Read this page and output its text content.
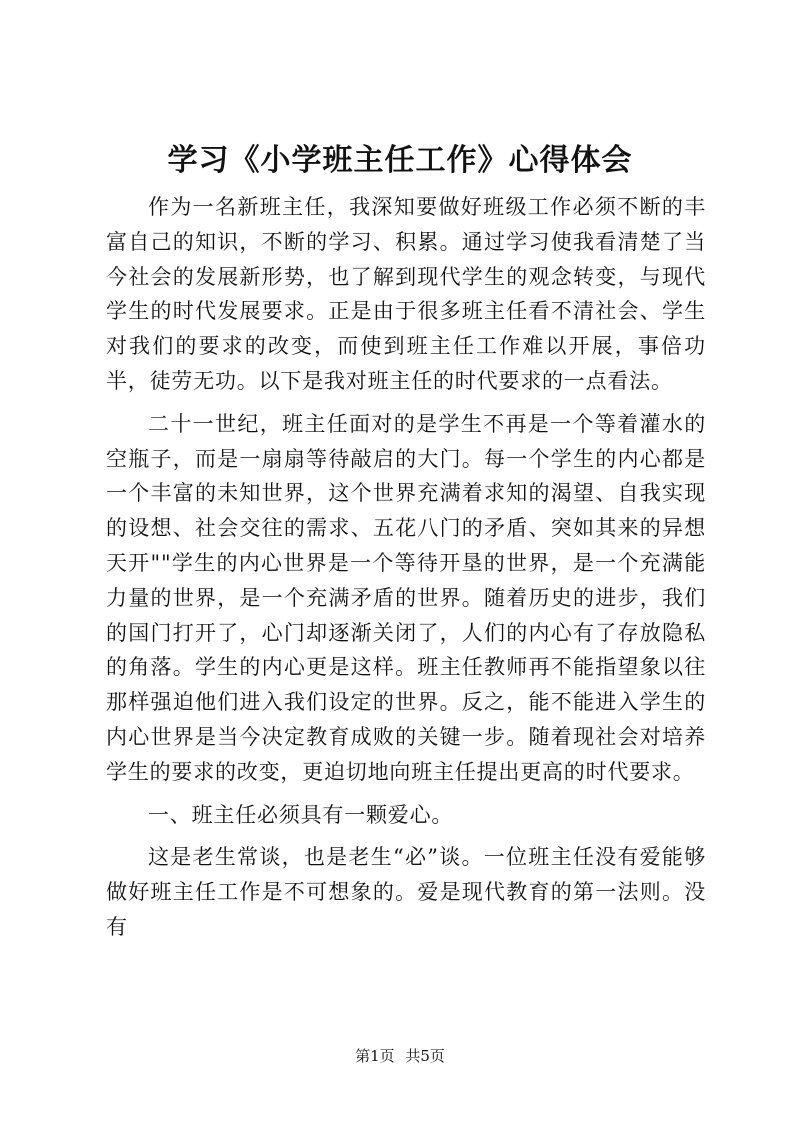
学习《小学班主任工作》心得体会

作为一名新班主任，我深知要做好班级工作必须不断的丰富自己的知识，不断的学习、积累。通过学习使我看清楚了当今社会的发展新形势，也了解到现代学生的观念转变，与现代学生的时代发展要求。正是由于很多班主任看不清社会、学生对我们的要求的改变，而使到班主任工作难以开展，事倍功半，徒劳无功。以下是我对班主任的时代要求的一点看法。

二十一世纪，班主任面对的是学生不再是一个等着灌水的空瓶子，而是一扇扇等待敲启的大门。每一个学生的内心都是一个丰富的未知世界，这个世界充满着求知的渴望、自我实现的设想、社会交往的需求、五花八门的矛盾、突如其来的异想天开""学生的内心世界是一个等待开垦的世界，是一个充满能力量的世界，是一个充满矛盾的世界。随着历史的进步，我们的国门打开了，心门却逐渐关闭了，人们的内心有了存放隐私的角落。学生的内心更是这样。班主任教师再不能指望象以往那样强迫他们进入我们设定的世界。反之，能不能进入学生的内心世界是当今决定教育成败的关键一步。随着现社会对培养学生的要求的改变，更迫切地向班主任提出更高的时代要求。

一、班主任必须具有一颗爱心。

这是老生常谈，也是老生“必”谈。一位班主任没有爱能够做好班主任工作是不可想象的。爱是现代教育的第一法则。没有

第1页 共5页
